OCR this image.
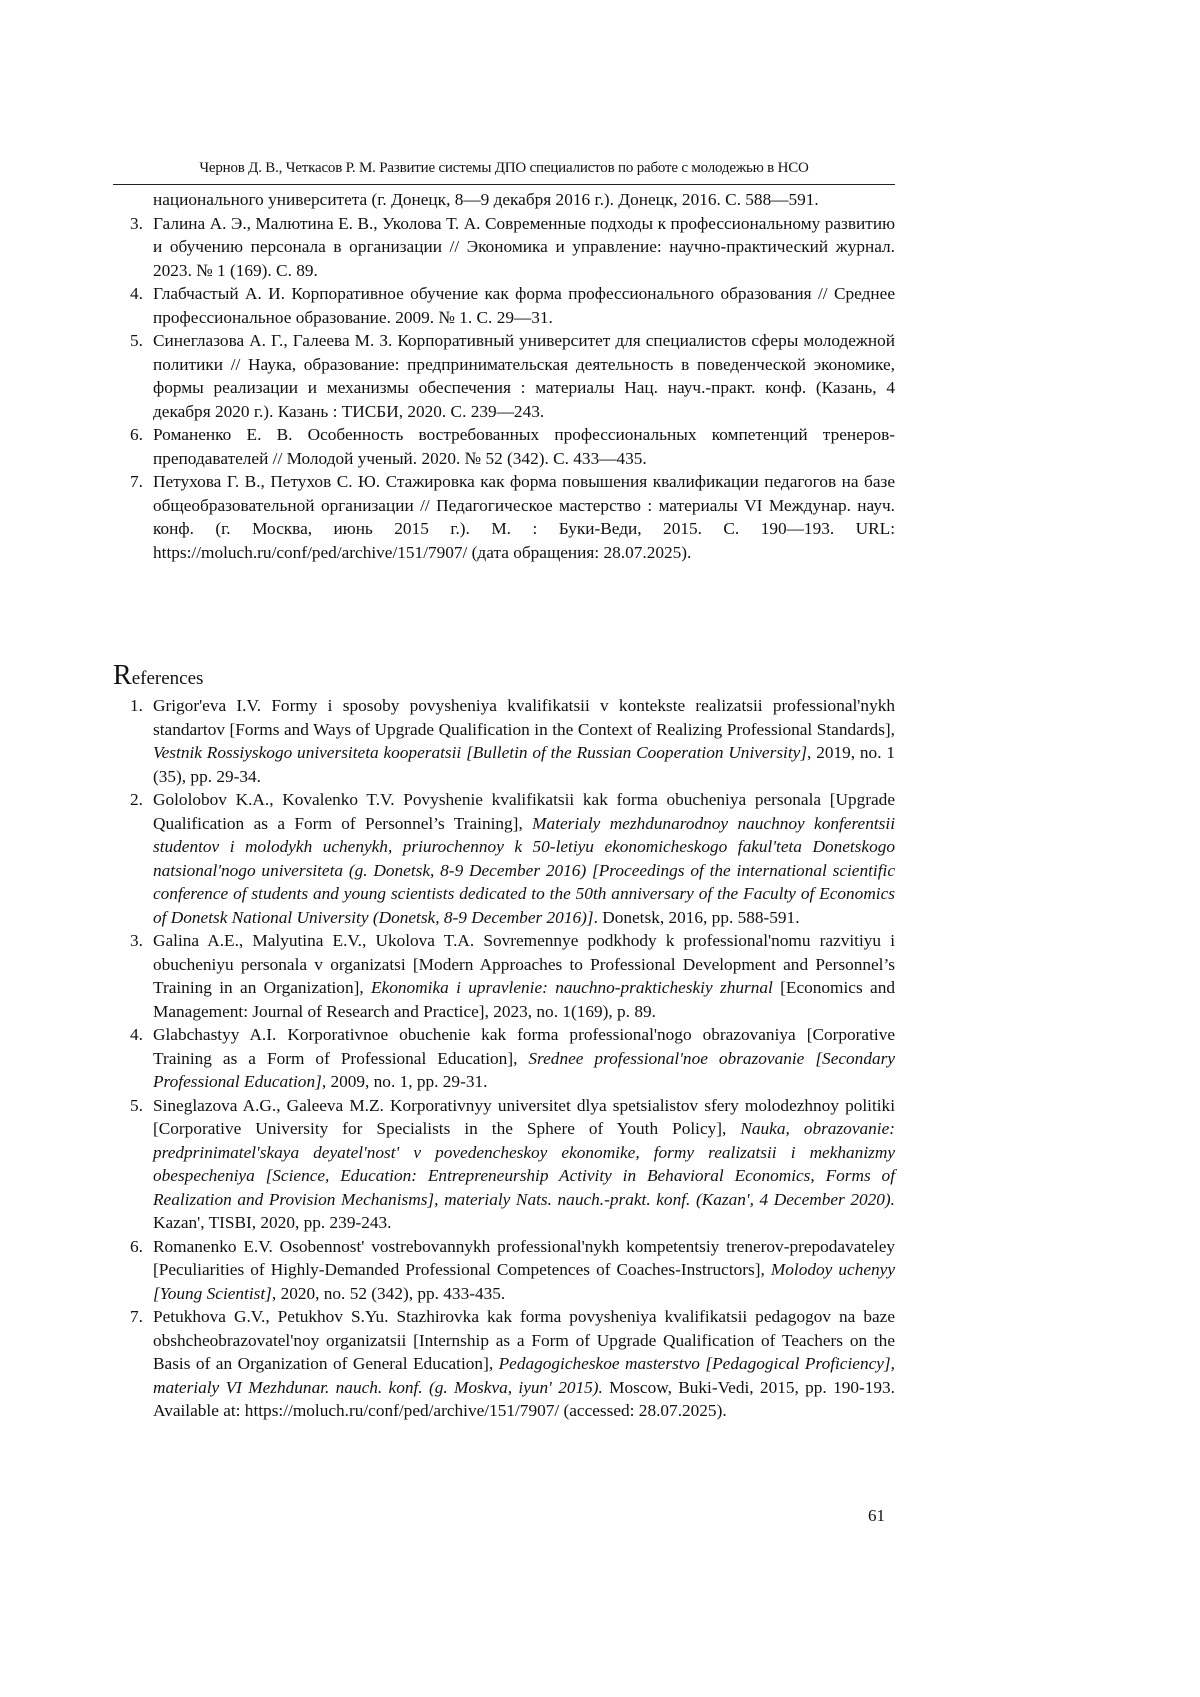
Чернов Д. В., Четкасов Р. М. Развитие системы ДПО специалистов по работе с молодежью в НСО
национального университета (г. Донецк, 8—9 декабря 2016 г.). Донецк, 2016. С. 588—591.
3. Галина А. Э., Малютина Е. В., Уколова Т. А. Современные подходы к профессиональному развитию и обучению персонала в организации // Экономика и управление: научно-практический журнал. 2023. № 1 (169). С. 89.
4. Глабчастый А. И. Корпоративное обучение как форма профессионального образования // Среднее профессиональное образование. 2009. № 1. С. 29—31.
5. Синеглазова А. Г., Галеева М. З. Корпоративный университет для специалистов сферы молодежной политики // Наука, образование: предпринимательская деятельность в поведенческой экономике, формы реализации и механизмы обеспечения : материалы Нац. науч.-практ. конф. (Казань, 4 декабря 2020 г.). Казань : ТИСБИ, 2020. С. 239—243.
6. Романенко Е. В. Особенность востребованных профессиональных компетенций тренеров-преподавателей // Молодой ученый. 2020. № 52 (342). С. 433—435.
7. Петухова Г. В., Петухов С. Ю. Стажировка как форма повышения квалификации педагогов на базе общеобразовательной организации // Педагогическое мастерство : материалы VI Междунар. науч. конф. (г. Москва, июнь 2015 г.). М. : Буки-Веди, 2015. С. 190—193. URL: https://moluch.ru/conf/ped/archive/151/7907/ (дата обращения: 28.07.2025).
References
1. Grigor'eva I.V. Formy i sposoby povysheniya kvalifikatsii v kontekste realizatsii professional'nykh standartov [Forms and Ways of Upgrade Qualification in the Context of Realizing Professional Standards], Vestnik Rossiyskogo universiteta kooperatsii [Bulletin of the Russian Cooperation University], 2019, no. 1 (35), pp. 29-34.
2. Gololobov K.A., Kovalenko T.V. Povyshenie kvalifikatsii kak forma obucheniya personala [Upgrade Qualification as a Form of Personnel’s Training], Materialy mezhdunarodnoy nauchnoy konferentsii studentov i molodykh uchenykh, priurochennoy k 50-letiyu ekonomicheskogo fakul'teta Donetskogo natsional'nogo universiteta (g. Donetsk, 8-9 December 2016) [Proceedings of the international scientific conference of students and young scientists dedicated to the 50th anniversary of the Faculty of Economics of Donetsk National University (Donetsk, 8-9 December 2016)]. Donetsk, 2016, pp. 588-591.
3. Galina A.E., Malyutina E.V., Ukolova T.A. Sovremennye podkhody k professional'nomu razvitiyu i obucheniyu personala v organizatsi [Modern Approaches to Professional Development and Personnel’s Training in an Organization], Ekonomika i upravlenie: nauchno-prakticheskiy zhurnal [Economics and Management: Journal of Research and Practice], 2023, no. 1(169), p. 89.
4. Glabchastyy A.I. Korporativnoe obuchenie kak forma professional'nogo obrazovaniya [Corporative Training as a Form of Professional Education], Srednee professional'noe obrazovanie [Secondary Professional Education], 2009, no. 1, pp. 29-31.
5. Sineglazova A.G., Galeeva M.Z. Korporativnyy universitet dlya spetsialistov sfery molodezhnoy politiki [Corporative University for Specialists in the Sphere of Youth Policy], Nauka, obrazovanie: predprinimatel'skaya deyatel'nost' v povedencheskoy ekonomike, formy realizatsii i mekhanizmy obespecheniya [Science, Education: Entrepreneurship Activity in Behavioral Economics, Forms of Realization and Provision Mechanisms], materialy Nats. nauch.-prakt. konf. (Kazan', 4 December 2020). Kazan', TISBI, 2020, pp. 239-243.
6. Romanenko E.V. Osobennost' vostrebovannykh professional'nykh kompetentsiy trenerov-prepodavateley [Peculiarities of Highly-Demanded Professional Competences of Coaches-Instructors], Molodoy uchenyy [Young Scientist], 2020, no. 52 (342), pp. 433-435.
7. Petukhova G.V., Petukhov S.Yu. Stazhirovka kak forma povysheniya kvalifikatsii pedagogov na baze obshcheobrazovatel'noy organizatsii [Internship as a Form of Upgrade Qualification of Teachers on the Basis of an Organization of General Education], Pedagogicheskoe masterstvo [Pedagogical Proficiency], materialy VI Mezhdunar. nauch. konf. (g. Moskva, iyun' 2015). Moscow, Buki-Vedi, 2015, pp. 190-193. Available at: https://moluch.ru/conf/ped/archive/151/7907/ (accessed: 28.07.2025).
61
